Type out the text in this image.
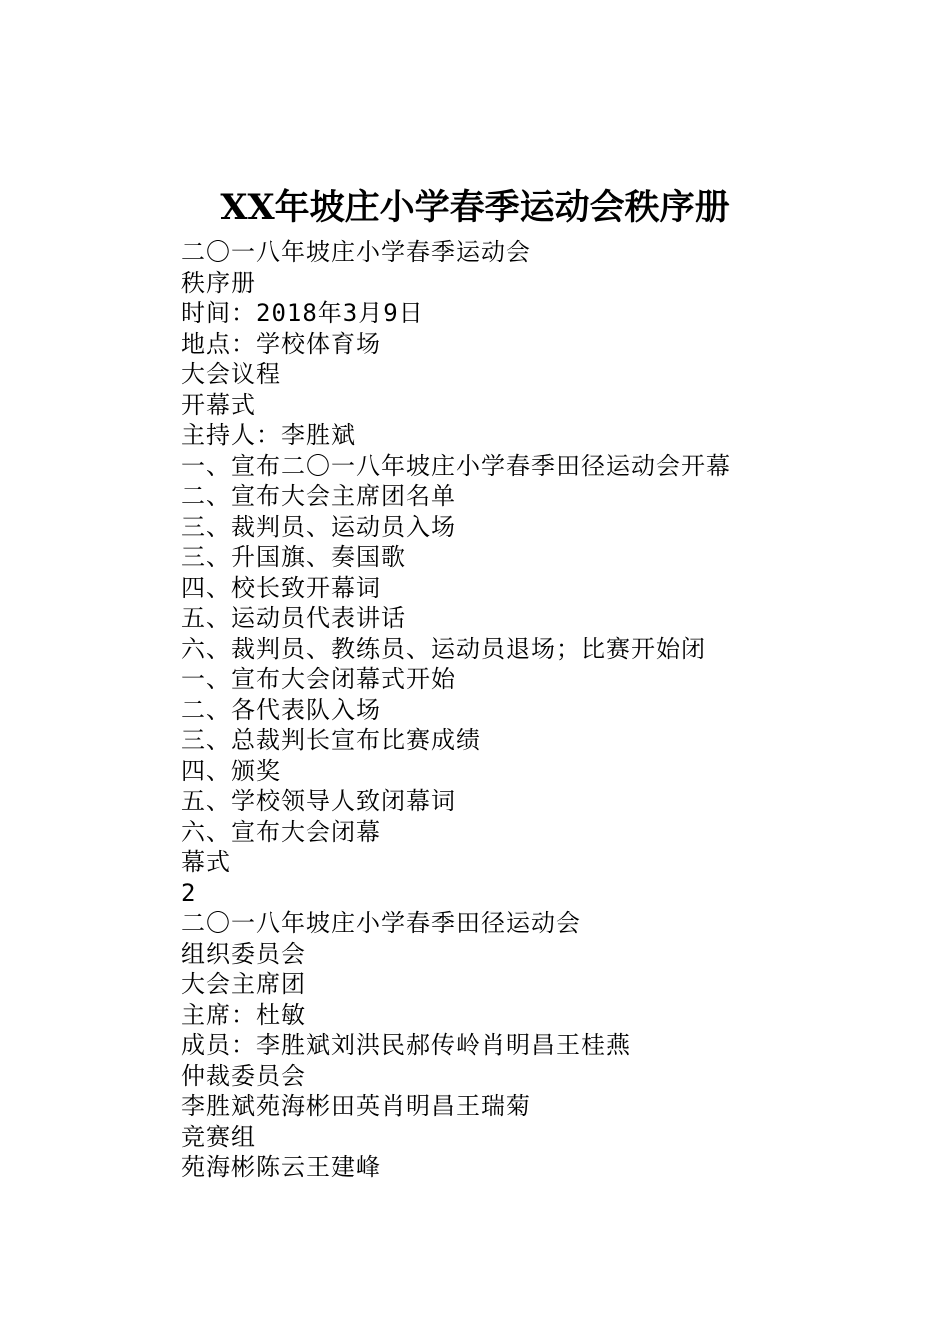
XX年坡庄小学春季运动会秩序册
二〇一八年坡庄小学春季运动会
秩序册
时间：2018年3月9日
地点：学校体育场
大会议程
开幕式
主持人：李胜斌
一、宣布二〇一八年坡庄小学春季田径运动会开幕
二、宣布大会主席团名单
三、裁判员、运动员入场
三、升国旗、奏国歌
四、校长致开幕词
五、运动员代表讲话
六、裁判员、教练员、运动员退场；比赛开始闭
一、宣布大会闭幕式开始
二、各代表队入场
三、总裁判长宣布比赛成绩
四、颁奖
五、学校领导人致闭幕词
六、宣布大会闭幕
幕式
2
二〇一八年坡庄小学春季田径运动会
组织委员会
大会主席团
主席：杜敏
成员：李胜斌刘洪民郝传岭肖明昌王桂燕
仲裁委员会
李胜斌苑海彬田英肖明昌王瑞菊
竞赛组
苑海彬陈云王建峰
